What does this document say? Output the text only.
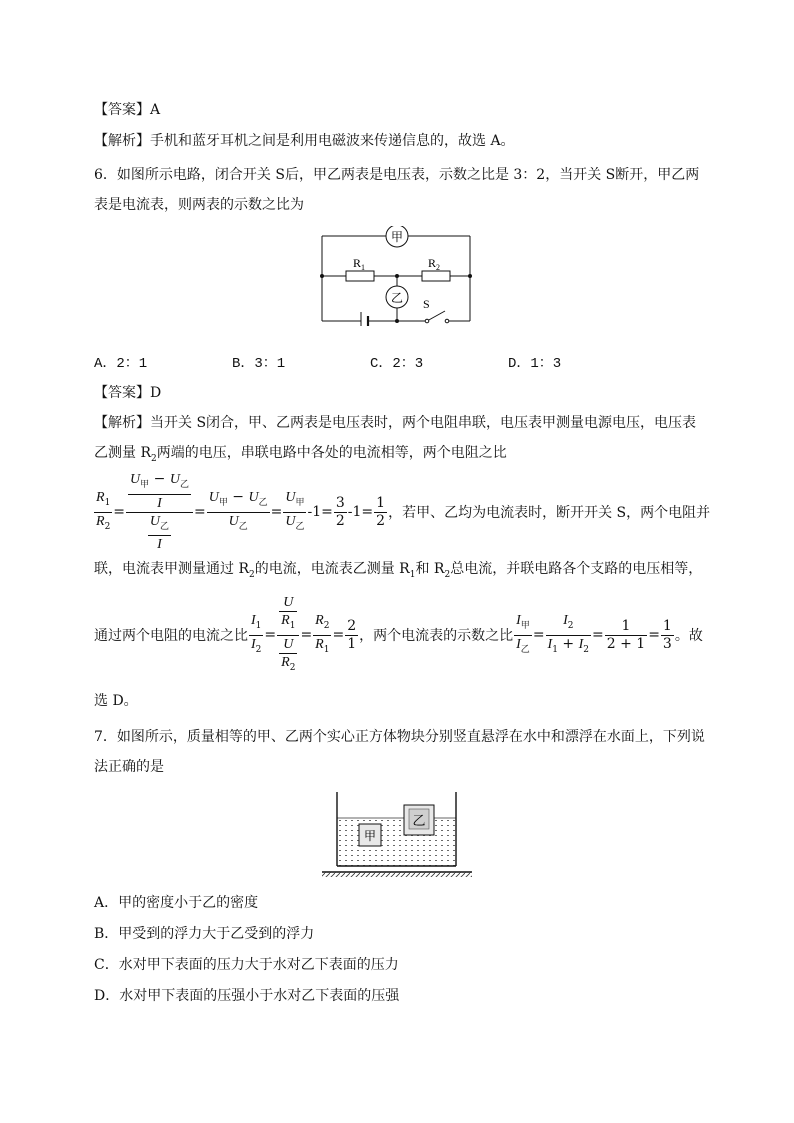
【答案】A
【解析】手机和蓝牙耳机之间是利用电磁波来传递信息的，故选 A。
6．如图所示电路，闭合开关 S后，甲乙两表是电压表，示数之比是 3：2，当开关 S断开，甲乙两
表是电流表，则两表的示数之比为
甲
乙
$R_1$	$R_2$
S
A．2：1	B．3：1	C．2：3	D．1：3
【答案】D
【解析】当开关 S闭合，甲、乙两表是电压表时，两个电阻串联，电压表甲测量电源电压，电压表
乙测量 $R_2$两端的电压，串联电路中各处的电流相等，两个电阻之比
$\frac{R_1}{R_2} = \frac{\frac{U_甲 - U_乙}{I}}{\frac{U_乙}{I}} = \frac{U_甲 - U_乙}{U_乙} = \frac{U_甲}{U_乙} -1= \frac{3}{2} -1= \frac{1}{2}$ ，若甲、乙均为电流表时，断开开关 S，两个电阻并
联，电流表甲测量通过 $R_2$的电流，电流表乙测量 $R_1$和 $R_2$总电流，并联电路各个支路的电压相等，
通过两个电阻的电流之比 $\frac{I_1}{I_2} = \frac{\frac{U}{R_1}}{\frac{U}{R_2}} = \frac{R_2}{R_1} = \frac{2}{1}$ ，两个电流表的示数之比 $\frac{I_甲}{I_乙} = \frac{I_2}{I_1 + I_2} = \frac{1}{2 + 1} = \frac{1}{3}$ 。故
选 D。
7．如图所示，质量相等的甲、乙两个实心正方体物块分别竖直悬浮在水中和漂浮在水面上，下列说
法正确的是
甲
乙
A．甲的密度小于乙的密度
B．甲受到的浮力大于乙受到的浮力
C．水对甲下表面的压力大于水对乙下表面的压力
D．水对甲下表面的压强小于水对乙下表面的压强
